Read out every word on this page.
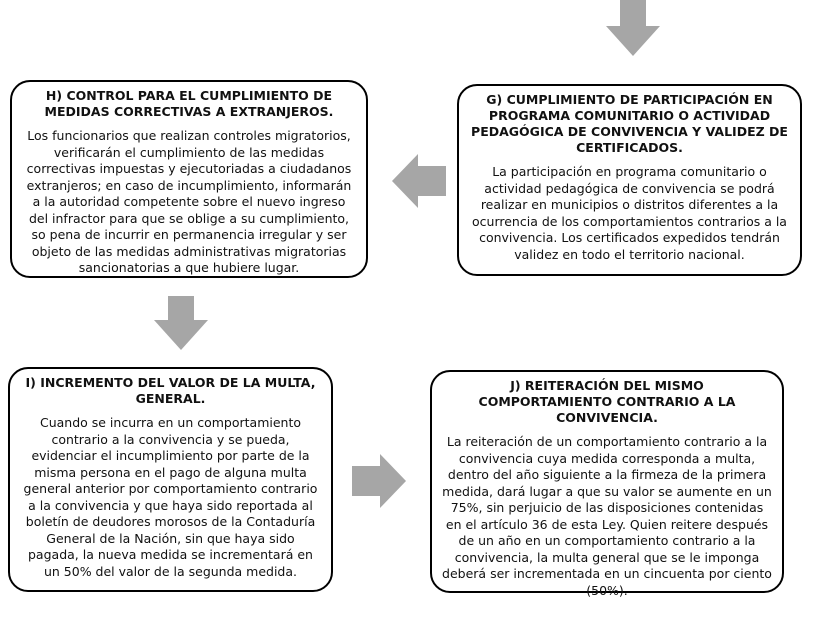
H) CONTROL PARA EL CUMPLIMIENTO DE MEDIDAS CORRECTIVAS A EXTRANJEROS.

Los funcionarios que realizan controles migratorios, verificarán el cumplimiento de las medidas correctivas impuestas y ejecutoriadas a ciudadanos extranjeros; en caso de incumplimiento, informarán a la autoridad competente sobre el nuevo ingreso del infractor para que se oblige a su cumplimiento, so pena de incurrir en permanencia irregular y ser objeto de las medidas administrativas migratorias sancionatorias a que hubiere lugar.

G) CUMPLIMIENTO DE PARTICIPACIÓN EN PROGRAMA COMUNITARIO O ACTIVIDAD PEDAGÓGICA DE CONVIVENCIA Y VALIDEZ DE CERTIFICADOS.

La participación en programa comunitario o actividad pedagógica de convivencia se podrá realizar en municipios o distritos diferentes a la ocurrencia de los comportamientos contrarios a la convivencia. Los certificados expedidos tendrán validez en todo el territorio nacional.

I) INCREMENTO DEL VALOR DE LA MULTA, GENERAL.

Cuando se incurra en un comportamiento contrario a la convivencia y se pueda, evidenciar el incumplimiento por parte de la misma persona en el pago de alguna multa general anterior por comportamiento contrario a la convivencia y que haya sido reportada al boletín de deudores morosos de la Contaduría General de la Nación, sin que haya sido pagada, la nueva medida se incrementará en un 50% del valor de la segunda medida.

J) REITERACIÓN DEL MISMO COMPORTAMIENTO CONTRARIO A LA CONVIVENCIA.

La reiteración de un comportamiento contrario a la convivencia cuya medida corresponda a multa, dentro del año siguiente a la firmeza de la primera medida, dará lugar a que su valor se aumente en un 75%, sin perjuicio de las disposiciones contenidas en el artículo 36 de esta Ley. Quien reitere después de un año en un comportamiento contrario a la convivencia, la multa general que se le imponga deberá ser incrementada en un cincuenta por ciento (50%).
